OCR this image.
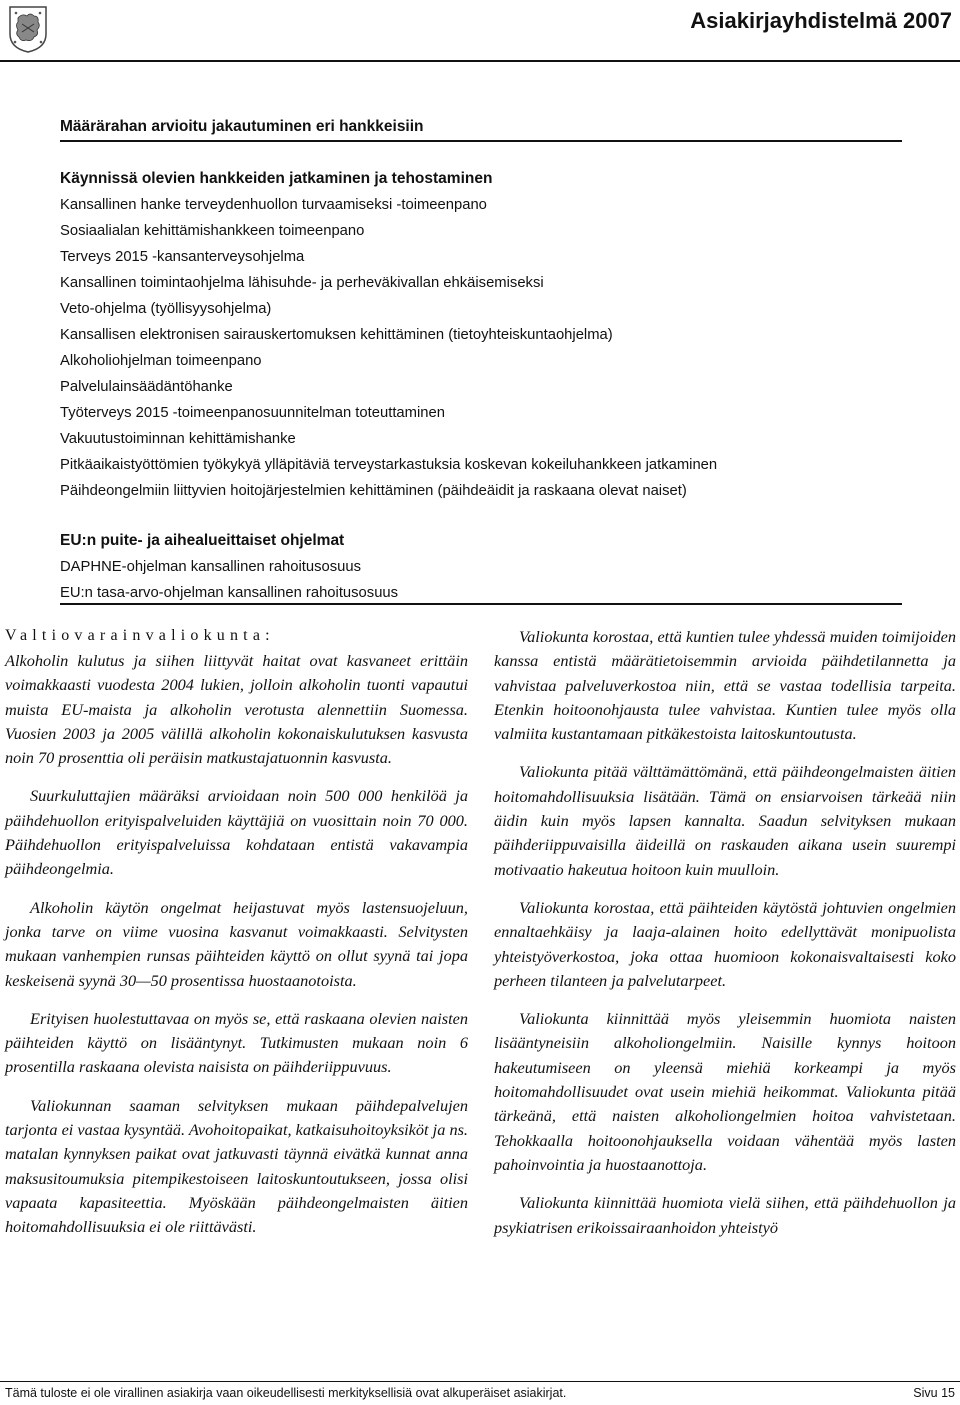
Asiakirjayhdistelmä 2007
Määrärahan arvioitu jakautuminen eri hankkeisiin
Käynnissä olevien hankkeiden jatkaminen ja tehostaminen
Kansallinen hanke terveydenhuollon turvaamiseksi -toimeenpano
Sosiaalialan kehittämishankkeen toimeenpano
Terveys 2015 -kansanterveysohjelma
Kansallinen toimintaohjelma lähisuhde- ja perheväkivallan ehkäisemiseksi
Veto-ohjelma (työllisyysohjelma)
Kansallisen elektronisen sairauskertomuksen kehittäminen (tietoyhteiskuntaohjelma)
Alkoholiohjelman toimeenpano
Palvelulainsäädäntöhanke
Työterveys 2015 -toimeenpanosuunnitelman toteuttaminen
Vakuutustoiminnan kehittämishanke
Pitkäaikaistyöttömien työkykyä ylläpitäviä terveystarkastuksia koskevan kokeiluhankkeen jatkaminen
Päihdeongelmiin liittyvien hoitojärjestelmien kehittäminen (päihdeäidit ja raskaana olevat naiset)
EU:n puite- ja aihealueittaiset ohjelmat
DAPHNE-ohjelman kansallinen rahoitusosuus
EU:n tasa-arvo-ohjelman kansallinen rahoitusosuus
Valtiovarainvaliokunta:

Alkoholin kulutus ja siihen liittyvät haitat ovat kasvaneet erittäin voimakkaasti vuodesta 2004 lukien, jolloin alkoholin tuonti vapautui muista EU-maista ja alkoholin verotusta alennettiin Suomessa. Vuosien 2003 ja 2005 välillä alkoholin kokonaiskulutuksen kasvusta noin 70 prosenttia oli peräisin matkustajatuonnin kasvusta.

Suurkuluttajien määräksi arvioidaan noin 500 000 henkilöä ja päihdehuollon erityispalveluiden käyttäjiä on vuosittain noin 70 000. Päihdehuollon erityispalveluissa kohdataan entistä vakavampia päihdeongelmia.

Alkoholin käytön ongelmat heijastuvat myös lastensuojeluun, jonka tarve on viime vuosina kasvanut voimakkaasti. Selvitysten mukaan vanhempien runsas päihteiden käyttö on ollut syynä tai jopa keskeisenä syynä 30—50 prosentissa huostaanotoista.

Erityisen huolestuttavaa on myös se, että raskaana olevien naisten päihteiden käyttö on lisääntynyt. Tutkimusten mukaan noin 6 prosentilla raskaana olevista naisista on päihderiippuvuus.

Valiokunnan saaman selvityksen mukaan päihdepalvelujen tarjonta ei vastaa kysyntää. Avohoitopaikat, katkaisuhoitoyksiköt ja ns. matalan kynnyksen paikat ovat jatkuvasti täynnä eivätkä kunnat anna maksusitoumuksia pitempikestoiseen laitoskuntoutukseen, jossa olisi vapaata kapasiteettia. Myöskään päihdeongelmaisten äitien hoitomahdollisuuksia ei ole riittävästi.

Valiokunta korostaa, että kuntien tulee yhdessä muiden toimijoiden kanssa entistä määrätietoisemmin arvioida päihdetilannetta ja vahvistaa palveluverkostoa niin, että se vastaa todellisia tarpeita. Etenkin hoitoonohjausta tulee vahvistaa. Kuntien tulee myös olla valmiita kustantamaan pitkäkestoista laitoskuntoutusta.

Valiokunta pitää välttämättömänä, että päihdeongelmaisten äitien hoitomahdollisuuksia lisätään. Tämä on ensiarvoisen tärkeää niin äidin kuin myös lapsen kannalta. Saadun selvityksen mukaan päihderiippuvaisilla äideillä on raskauden aikana usein suurempi motivaatio hakeutua hoitoon kuin muulloin.

Valiokunta korostaa, että päihteiden käytöstä johtuvien ongelmien ennaltaehkäisy ja laaja-alainen hoito edellyttävät monipuolista yhteistyöverkostoa, joka ottaa huomioon kokonaisvaltaisesti koko perheen tilanteen ja palvelutarpeet.

Valiokunta kiinnittää myös yleisemmin huomiota naisten lisääntyneisiin alkoholiongelmiin. Naisille kynnys hoitoon hakeutumiseen on yleensä miehiä korkeampi ja myös hoitomahdollisuudet ovat usein miehiä heikommat. Valiokunta pitää tärkeänä, että naisten alkoholiongelmien hoitoa vahvistetaan. Tehokkaalla hoitoonohjauksella voidaan vähentää myös lasten pahoinvointia ja huostaanottoja.

Valiokunta kiinnittää huomiota vielä siihen, että päihdehuollon ja psykiatrisen erikoissairaanhoidon yhteistyö

Tämä tuloste ei ole virallinen asiakirja vaan oikeudellisesti merkityksellisiä ovat alkuperäiset asiakirjat.	Sivu 15
